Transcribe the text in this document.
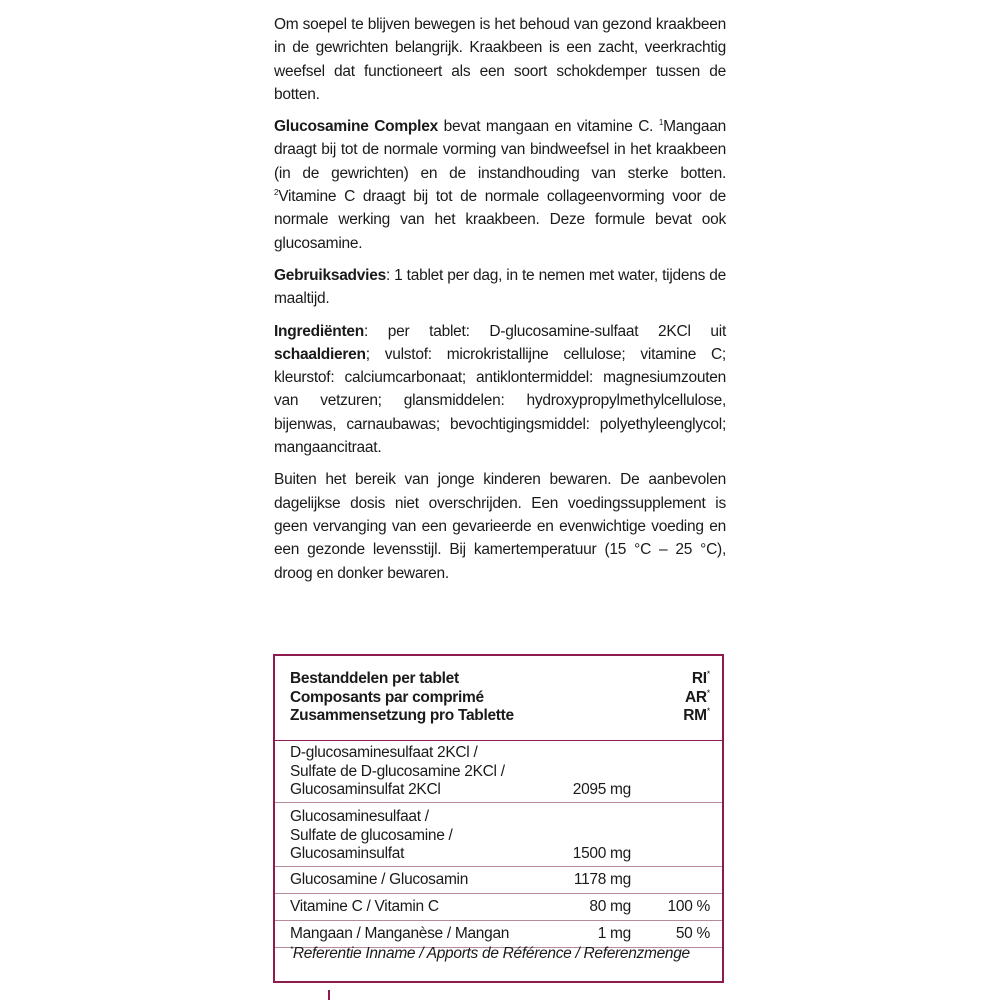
Om soepel te blijven bewegen is het behoud van gezond kraakbeen in de gewrichten belangrijk. Kraakbeen is een zacht, veerkrachtig weefsel dat functioneert als een soort schokdemper tussen de botten.

Glucosamine Complex bevat mangaan en vitamine C. $^1$Mangaan draagt bij tot de normale vorming van bindweefsel in het kraakbeen (in de gewrichten) en de instandhouding van sterke botten. $^2$Vitamine C draagt bij tot de normale collageenvorming voor de normale werking van het kraakbeen. Deze formule bevat ook glucosamine.

Gebruiksadvies: 1 tablet per dag, in te nemen met water, tijdens de maaltijd.

Ingrediënten: per tablet: D-glucosamine-sulfaat 2KCl uit schaaldieren; vulstof: microkristallijne cellulose; vitamine C; kleurstof: calciumcarbonaat; antiklontermiddel: magnesiumzouten van vetzuren; glansmiddelen: hydroxypropylmethylcellulose, bijenwas, carnaubawas; bevochtigingsmiddel: polyethyleenglycol; mangaancitraat.

Buiten het bereik van jonge kinderen bewaren. De aanbevolen dagelijkse dosis niet overschrijden. Een voedingssupplement is geen vervanging van een gevarieerde en evenwichtige voeding en een gezonde levensstijl. Bij kamertemperatuur (15 °C – 25 °C), droog en donker bewaren.

Bestanddelen per tablet
Composants par comprimé
Zusammensetzung pro Tablette
RI*
AR*
RM*
D-glucosaminesulfaat 2KCl /
Sulfate de D-glucosamine 2KCl /
Glucosaminsulfat 2KCl	2095 mg
Glucosaminesulfaat /
Sulfate de glucosamine /
Glucosaminsulfat	1500 mg
Glucosamine / Glucosamin	1178 mg
Vitamine C / Vitamin C	80 mg 100 %
Mangaan / Manganèse / Mangan	1 mg	50 %
*Referentie Inname / Apports de Référence / Referenzmenge
